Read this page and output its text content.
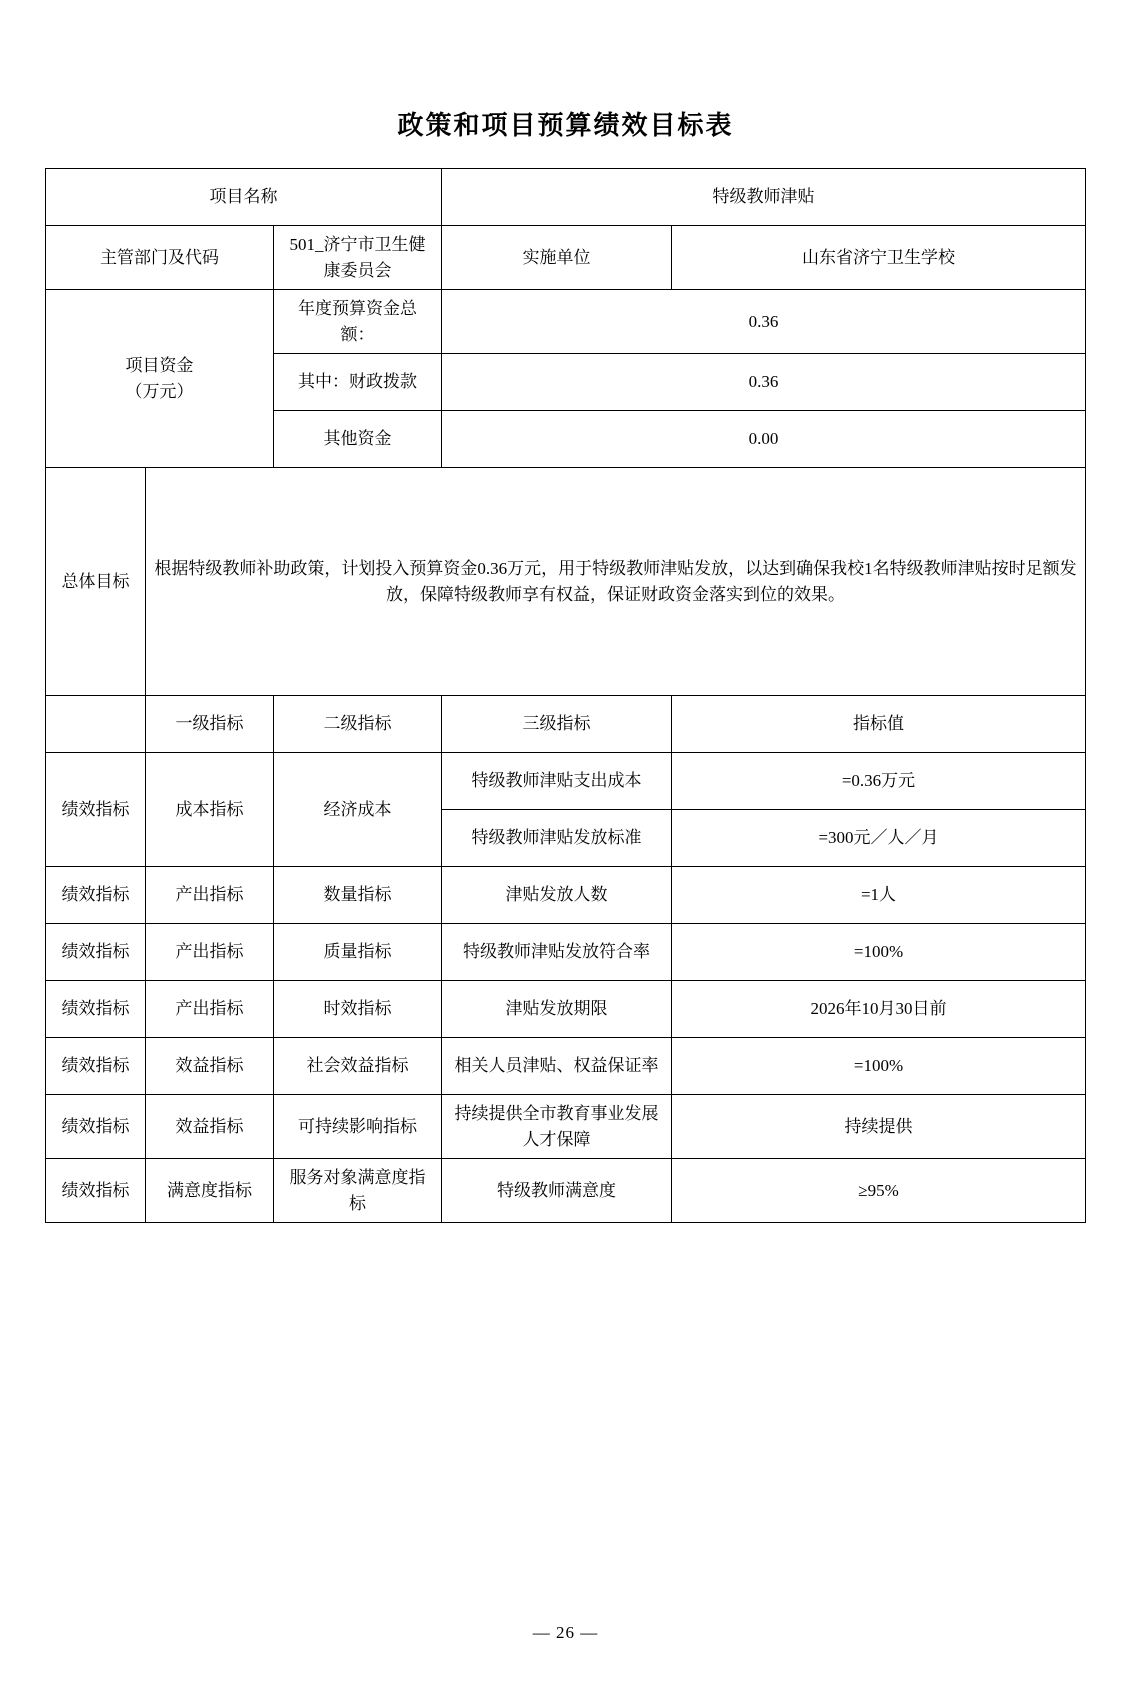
政策和项目预算绩效目标表
项目名称			特级教师津贴	
主管部门及代码		501_济宁市卫生健康委员会	实施单位	山东省济宁卫生学校

项目资金
（万元）		年度预算资金总额：	0.36	
		其中：财政拨款	0.36	
		其他资金	0.00	
总体目标	根据特级教师补助政策，计划投入预算资金0.36万元，用于特级教师津贴发放，以达到确保我校1名特级教师津贴按时足额发放，保障特级教师享有权益，保证财政资金落实到位的效果。			
	一级指标	二级指标	三级指标	指标值
绩效指标	成本指标	经济成本	特级教师津贴支出成本	=0.36万元
			特级教师津贴发放标准	=300元／人／月
绩效指标	产出指标	数量指标	津贴发放人数	=1人
绩效指标	产出指标	质量指标	特级教师津贴发放符合率	=100%
绩效指标	产出指标	时效指标	津贴发放期限	2026年10月30日前
绩效指标	效益指标	社会效益指标	相关人员津贴、权益保证率	=100%
绩效指标	效益指标	可持续影响指标	持续提供全市教育事业发展人才保障	持续提供
绩效指标	满意度指标	服务对象满意度指标	特级教师满意度	≥95%
— 26 —
